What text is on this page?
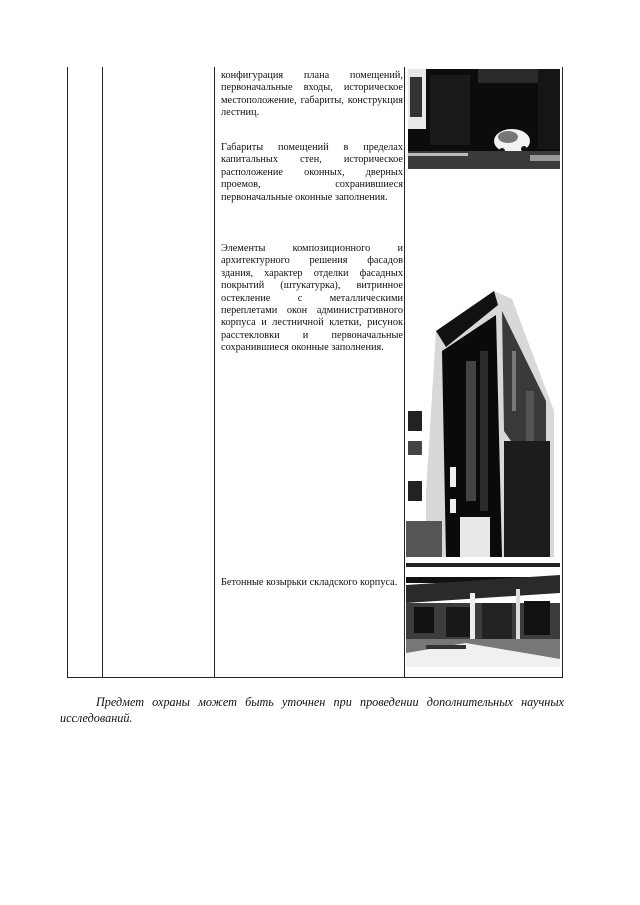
конфигурация плана помещений, первоначальные входы, историческое местоположение, габариты, конструкция лестниц.
Габариты помещений в пределах капитальных стен, историческое расположение оконных, дверных проемов, сохранившиеся первоначальные оконные заполнения.
Элементы композиционного и архитектурного решения фасадов здания, характер отделки фасадных покрытий (штукатурка), витринное остекление с металлическими переплетами окон административного корпуса и лестничной клетки, рисунок расстекловки и первоначальные сохранившиеся оконные заполнения.
Бетонные козырьки складского корпуса.
Предмет охраны может быть уточнен при проведении дополнительных научных исследований.
